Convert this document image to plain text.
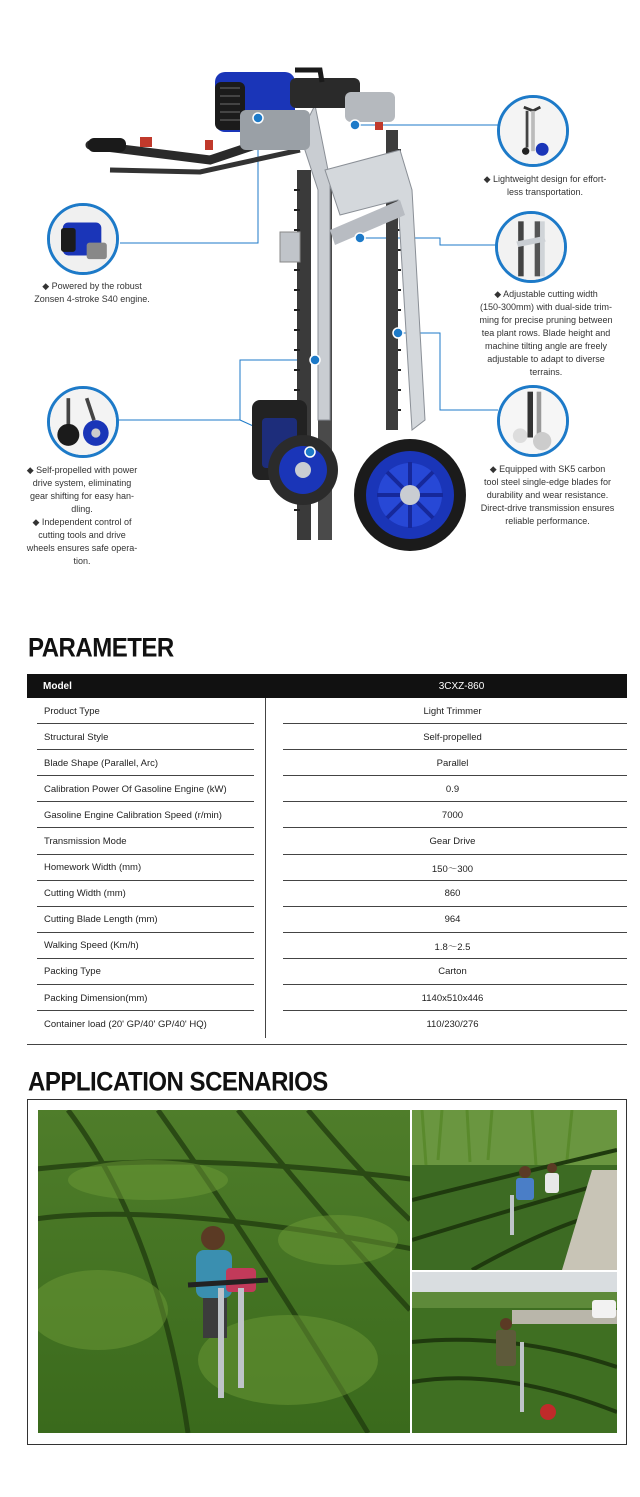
◆ Powered by the robust

Zonsen 4-stroke S40 engine.

◆ Lightweight design for effort-

less transportation.

◆ Adjustable cutting width

(150-300mm) with dual-side trim-

ming for precise pruning between

tea plant rows. Blade height and

machine tilting angle are freely

adjustable to adapt to diverse

terrains.

◆ Self-propelled with power

drive system, eliminating

gear shifting for easy han-

dling.

◆ Independent control of

cutting tools and drive

wheels ensures safe opera-

tion.

◆ Equipped with SK5 carbon

tool steel single-edge blades for

durability and wear resistance.

Direct-drive transmission ensures

reliable performance.

PARAMETER
Model	3CXZ-860
Product Type	Light Trimmer
Structural Style	Self-propelled
Blade Shape (Parallel, Arc)	Parallel
Calibration Power Of Gasoline Engine (kW)	0.9
Gasoline Engine Calibration Speed (r/min)	7000
Transmission Mode	Gear Drive
Homework Width (mm)	150～300
Cutting Width (mm)	860
Cutting Blade Length (mm)	964
Walking Speed (Km/h)	1.8～2.5
Packing Type	Carton
Packing Dimension(mm)	1140x510x446
Container load (20' GP/40' GP/40' HQ)	110/230/276
APPLICATION SCENARIOS
